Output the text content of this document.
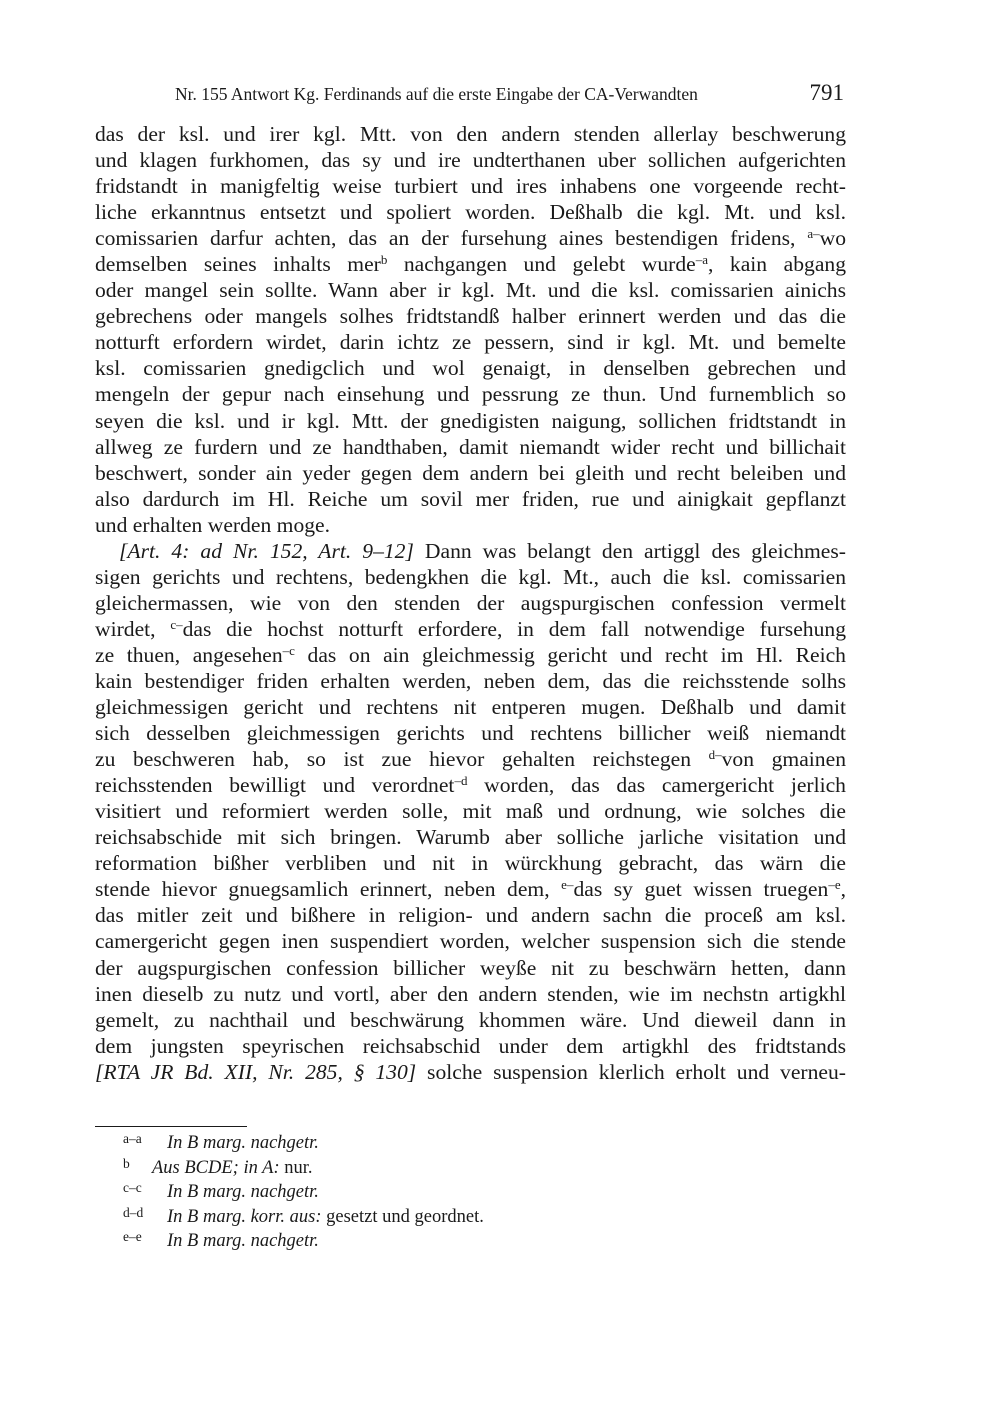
Nr. 155 Antwort Kg. Ferdinands auf die erste Eingabe der CA-Verwandten	791
das der ksl. und irer kgl. Mtt. von den andern stenden allerlay beschwerung
und klagen furkhomen, das sy und ire undterthanen uber sollichen aufgerichten
fridstandt in manigfeltig weise turbiert und ires inhabens one vorgeende recht-
liche erkanntnus entsetzt und spoliert worden. Deßhalb die kgl. Mt. und ksl.
comissarien darfur achten, das an der fursehung aines bestendigen fridens, $^{a-}$wo
demselben seines inhalts mer$^b$ nachgangen und gelebt wurde$^{-a}$, kain abgang
oder mangel sein sollte. Wann aber ir kgl. Mt. und die ksl. comissarien ainichs
gebrechens oder mangels solhes fridtstandß halber erinnert werden und das die
notturft erfordern wirdet, darin ichtz ze pessern, sind ir kgl. Mt. und bemelte
ksl. comissarien gnedigclich und wol genaigt, in denselben gebrechen und
mengeln der gepur nach einsehung und pessrung ze thun. Und furnemblich so
seyen die ksl. und ir kgl. Mtt. der gnedigisten naigung, sollichen fridtstandt in
allweg ze furdern und ze handthaben, damit niemandt wider recht und billichait
beschwert, sonder ain yeder gegen dem andern bei gleith und recht beleiben und
also dardurch im Hl. Reiche um sovil mer friden, rue und ainigkait gepflanzt
und erhalten werden moge.
[Art. 4: ad Nr. 152, Art. 9–12] Dann was belangt den artiggl des gleichmes-
sigen gerichts und rechtens, bedengkhen die kgl. Mt., auch die ksl. comissarien
gleichermassen, wie von den stenden der augspurgischen confession vermelt
wirdet, $^{c-}$das die hochst notturft erfordere, in dem fall notwendige fursehung
ze thuen, angesehen$^{-c}$ das on ain gleichmessig gericht und recht im Hl. Reich
kain bestendiger friden erhalten werden, neben dem, das die reichsstende solhs
gleichmessigen gericht und rechtens nit entperen mugen. Deßhalb und damit
sich desselben gleichmessigen gerichts und rechtens billicher weiß niemandt
zu beschweren hab, so ist zue hievor gehalten reichstegen $^{d-}$von gmainen
reichsstenden bewilligt und verordnet$^{-d}$ worden, das das camergericht jerlich
visitiert und reformiert werden solle, mit maß und ordnung, wie solches die
reichsabschide mit sich bringen. Warumb aber solliche jarliche visitation und
reformation bißher verbliben und nit in würckhung gebracht, das wärn die
stende hievor gnuegsamlich erinnert, neben dem, $^{e-}$das sy guet wissen truegen$^{-e}$,
das mitler zeit und bißhere in religion- und andern sachn die proceß am ksl.
camergericht gegen inen suspendiert worden, welcher suspension sich die stende
der augspurgischen confession billicher weyße nit zu beschwärn hetten, dann
inen dieselb zu nutz und vortl, aber den andern stenden, wie im nechstn artigkhl
gemelt, zu nachthail und beschwärung khommen wäre. Und dieweil dann in
dem jungsten speyrischen reichsabschid under dem artigkhl des fridtstands
[RTA JR Bd. XII, Nr. 285, § 130] solche suspension klerlich erholt und verneu-
a–a In B marg. nachgetr.
b Aus BCDE; in A: nur.
c–c In B marg. nachgetr.
d–d In B marg. korr. aus: gesetzt und geordnet.
e–e In B marg. nachgetr.
